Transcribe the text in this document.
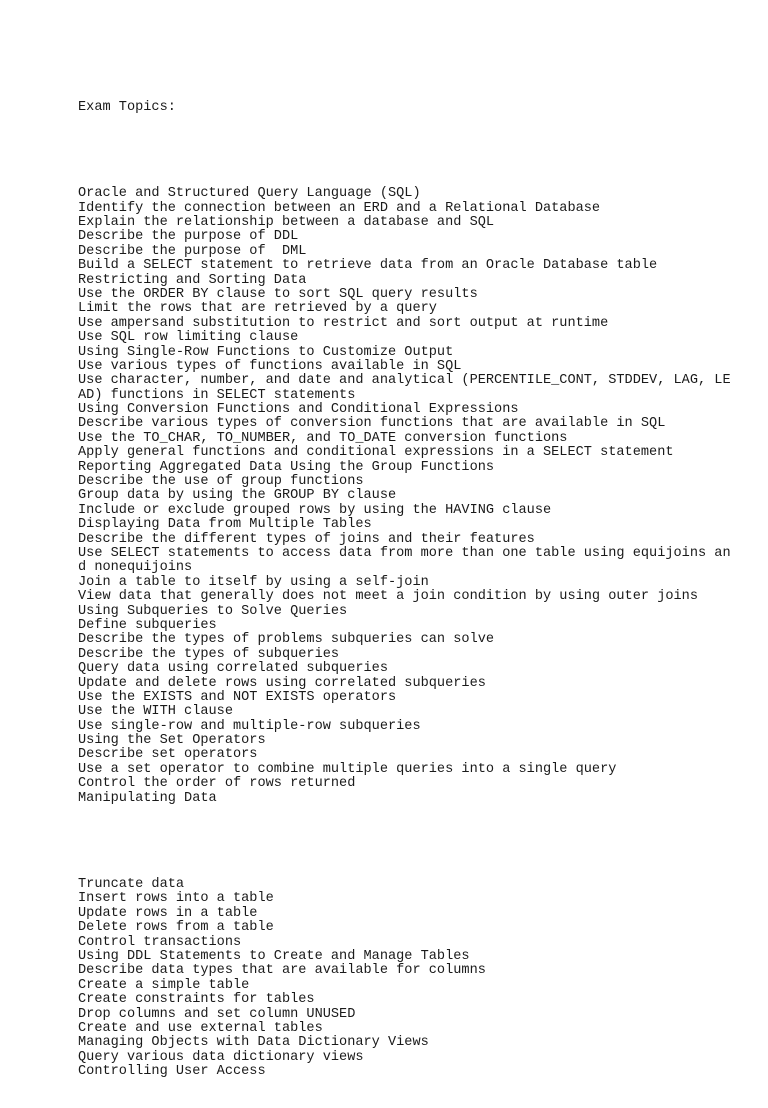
Exam Topics:

Oracle and Structured Query Language (SQL)
Identify the connection between an ERD and a Relational Database
Explain the relationship between a database and SQL
Describe the purpose of DDL
Describe the purpose of  DML
Build a SELECT statement to retrieve data from an Oracle Database table
Restricting and Sorting Data
Use the ORDER BY clause to sort SQL query results
Limit the rows that are retrieved by a query
Use ampersand substitution to restrict and sort output at runtime
Use SQL row limiting clause
Using Single-Row Functions to Customize Output
Use various types of functions available in SQL
Use character, number, and date and analytical (PERCENTILE_CONT, STDDEV, LAG, LE
AD) functions in SELECT statements
Using Conversion Functions and Conditional Expressions
Describe various types of conversion functions that are available in SQL
Use the TO_CHAR, TO_NUMBER, and TO_DATE conversion functions
Apply general functions and conditional expressions in a SELECT statement
Reporting Aggregated Data Using the Group Functions
Describe the use of group functions
Group data by using the GROUP BY clause
Include or exclude grouped rows by using the HAVING clause
Displaying Data from Multiple Tables
Describe the different types of joins and their features
Use SELECT statements to access data from more than one table using equijoins an
d nonequijoins
Join a table to itself by using a self-join
View data that generally does not meet a join condition by using outer joins
Using Subqueries to Solve Queries
Define subqueries
Describe the types of problems subqueries can solve
Describe the types of subqueries
Query data using correlated subqueries
Update and delete rows using correlated subqueries
Use the EXISTS and NOT EXISTS operators
Use the WITH clause
Use single-row and multiple-row subqueries
Using the Set Operators
Describe set operators
Use a set operator to combine multiple queries into a single query
Control the order of rows returned
Manipulating Data

Truncate data
Insert rows into a table
Update rows in a table
Delete rows from a table
Control transactions
Using DDL Statements to Create and Manage Tables
Describe data types that are available for columns
Create a simple table
Create constraints for tables
Drop columns and set column UNUSED
Create and use external tables
Managing Objects with Data Dictionary Views
Query various data dictionary views
Controlling User Access
